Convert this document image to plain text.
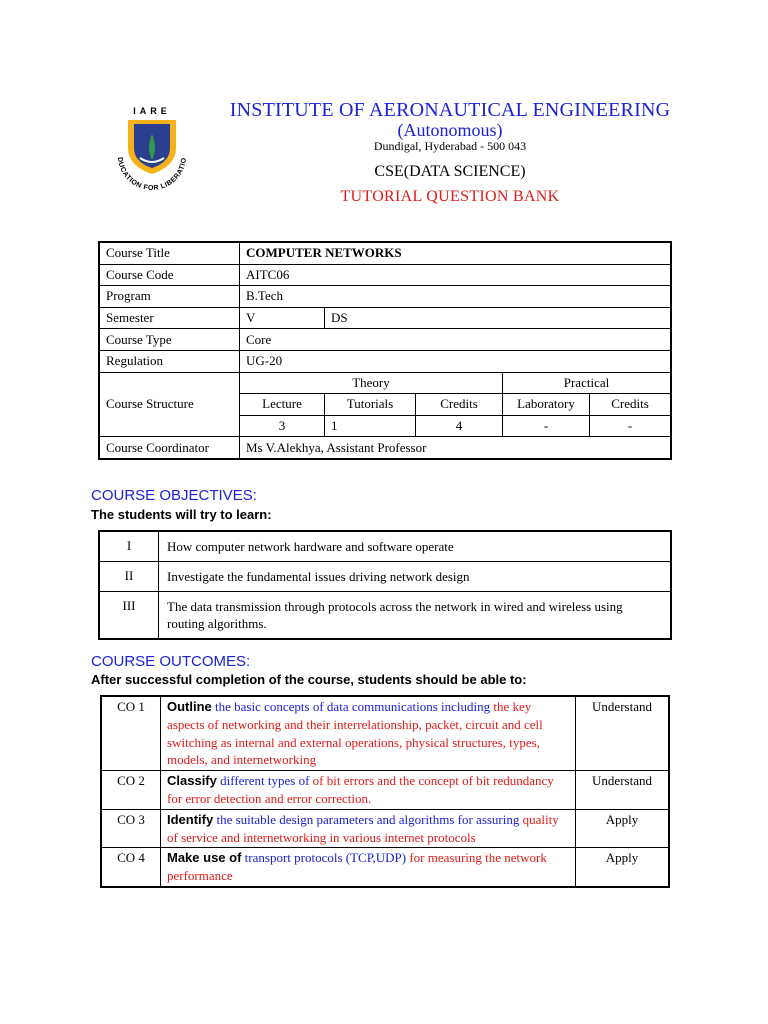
IARE
DUCATION FOR LIBERATIO
INSTITUTE OF AERONAUTICAL ENGINEERING
(Autonomous)
Dundigal, Hyderabad - 500 043
CSE(DATA SCIENCE)
TUTORIAL QUESTION BANK
Course Title	COMPUTER NETWORKS				
Course Code	AITC06				
Program	B.Tech				
Semester	V	DS			
Course Type	Core				
Regulation	UG-20				
Course Structure	Theory			Practical	
	Lecture	Tutorials	Credits	Laboratory	Credits
	3	1	4	-	-
Course Coordinator	Ms V.Alekhya, Assistant Professor				
COURSE OBJECTIVES:
The students will try to learn:
I	How computer network hardware and software operate
II	Investigate the fundamental issues driving network design
III	The data transmission through protocols across the network in wired and wireless using routing algorithms.
COURSE OUTCOMES:
After successful completion of the course, students should be able to:
CO 1	Outline the basic concepts of data communications including the key aspects of networking and their interrelationship, packet, circuit and cell switching as internal and external operations, physical structures, types, models, and internetworking	Understand
CO 2	Classify different types of of bit errors and the concept of bit redundancy for error detection and error correction.	Understand
CO 3	Identify the suitable design parameters and algorithms for assuring quality of service and internetworking in various internet protocols	Apply
CO 4	Make use of transport protocols (TCP,UDP) for measuring the network performance	Apply
